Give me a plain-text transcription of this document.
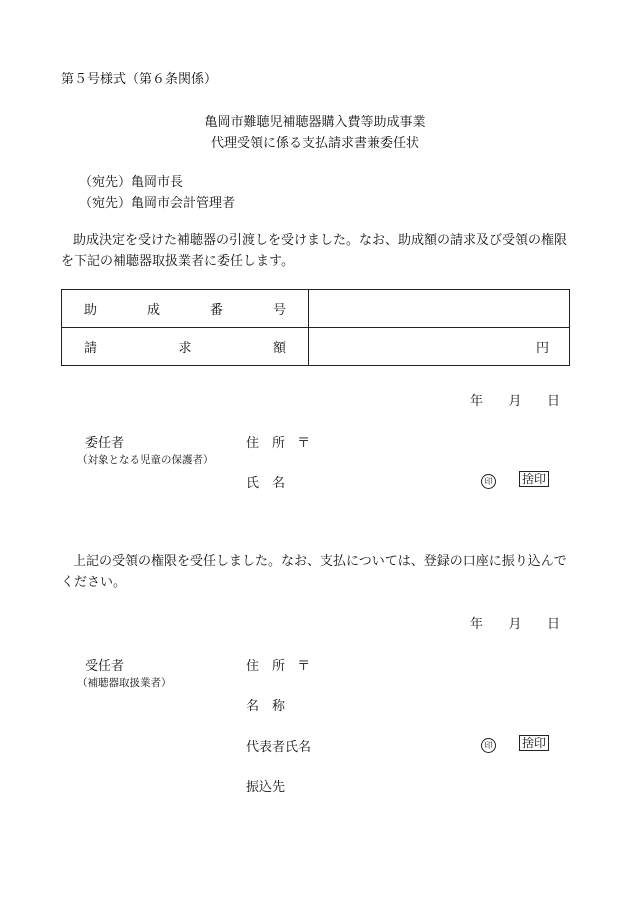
第５号様式（第６条関係）
亀岡市難聴児補聴器購入費等助成事業
代理受領に係る支払請求書兼委任状
（宛先）亀岡市長
（宛先）亀岡市会計管理者
助成決定を受けた補聴器の引渡しを受けました。なお、助成額の請求及び受領の権限を下記の補聴器取扱業者に委任します。
助 成 番 号	

請 求 額	円
年 月 日
委任者
（対象となる児童の保護者）
住　所 〒
氏　名	印 捨印
上記の受領の権限を受任しました。なお、支払については、登録の口座に振り込んでください。
年 月 日
受任者
（補聴器取扱業者）
住　所 〒
名　称
代表者氏名	印 捨印
振込先
